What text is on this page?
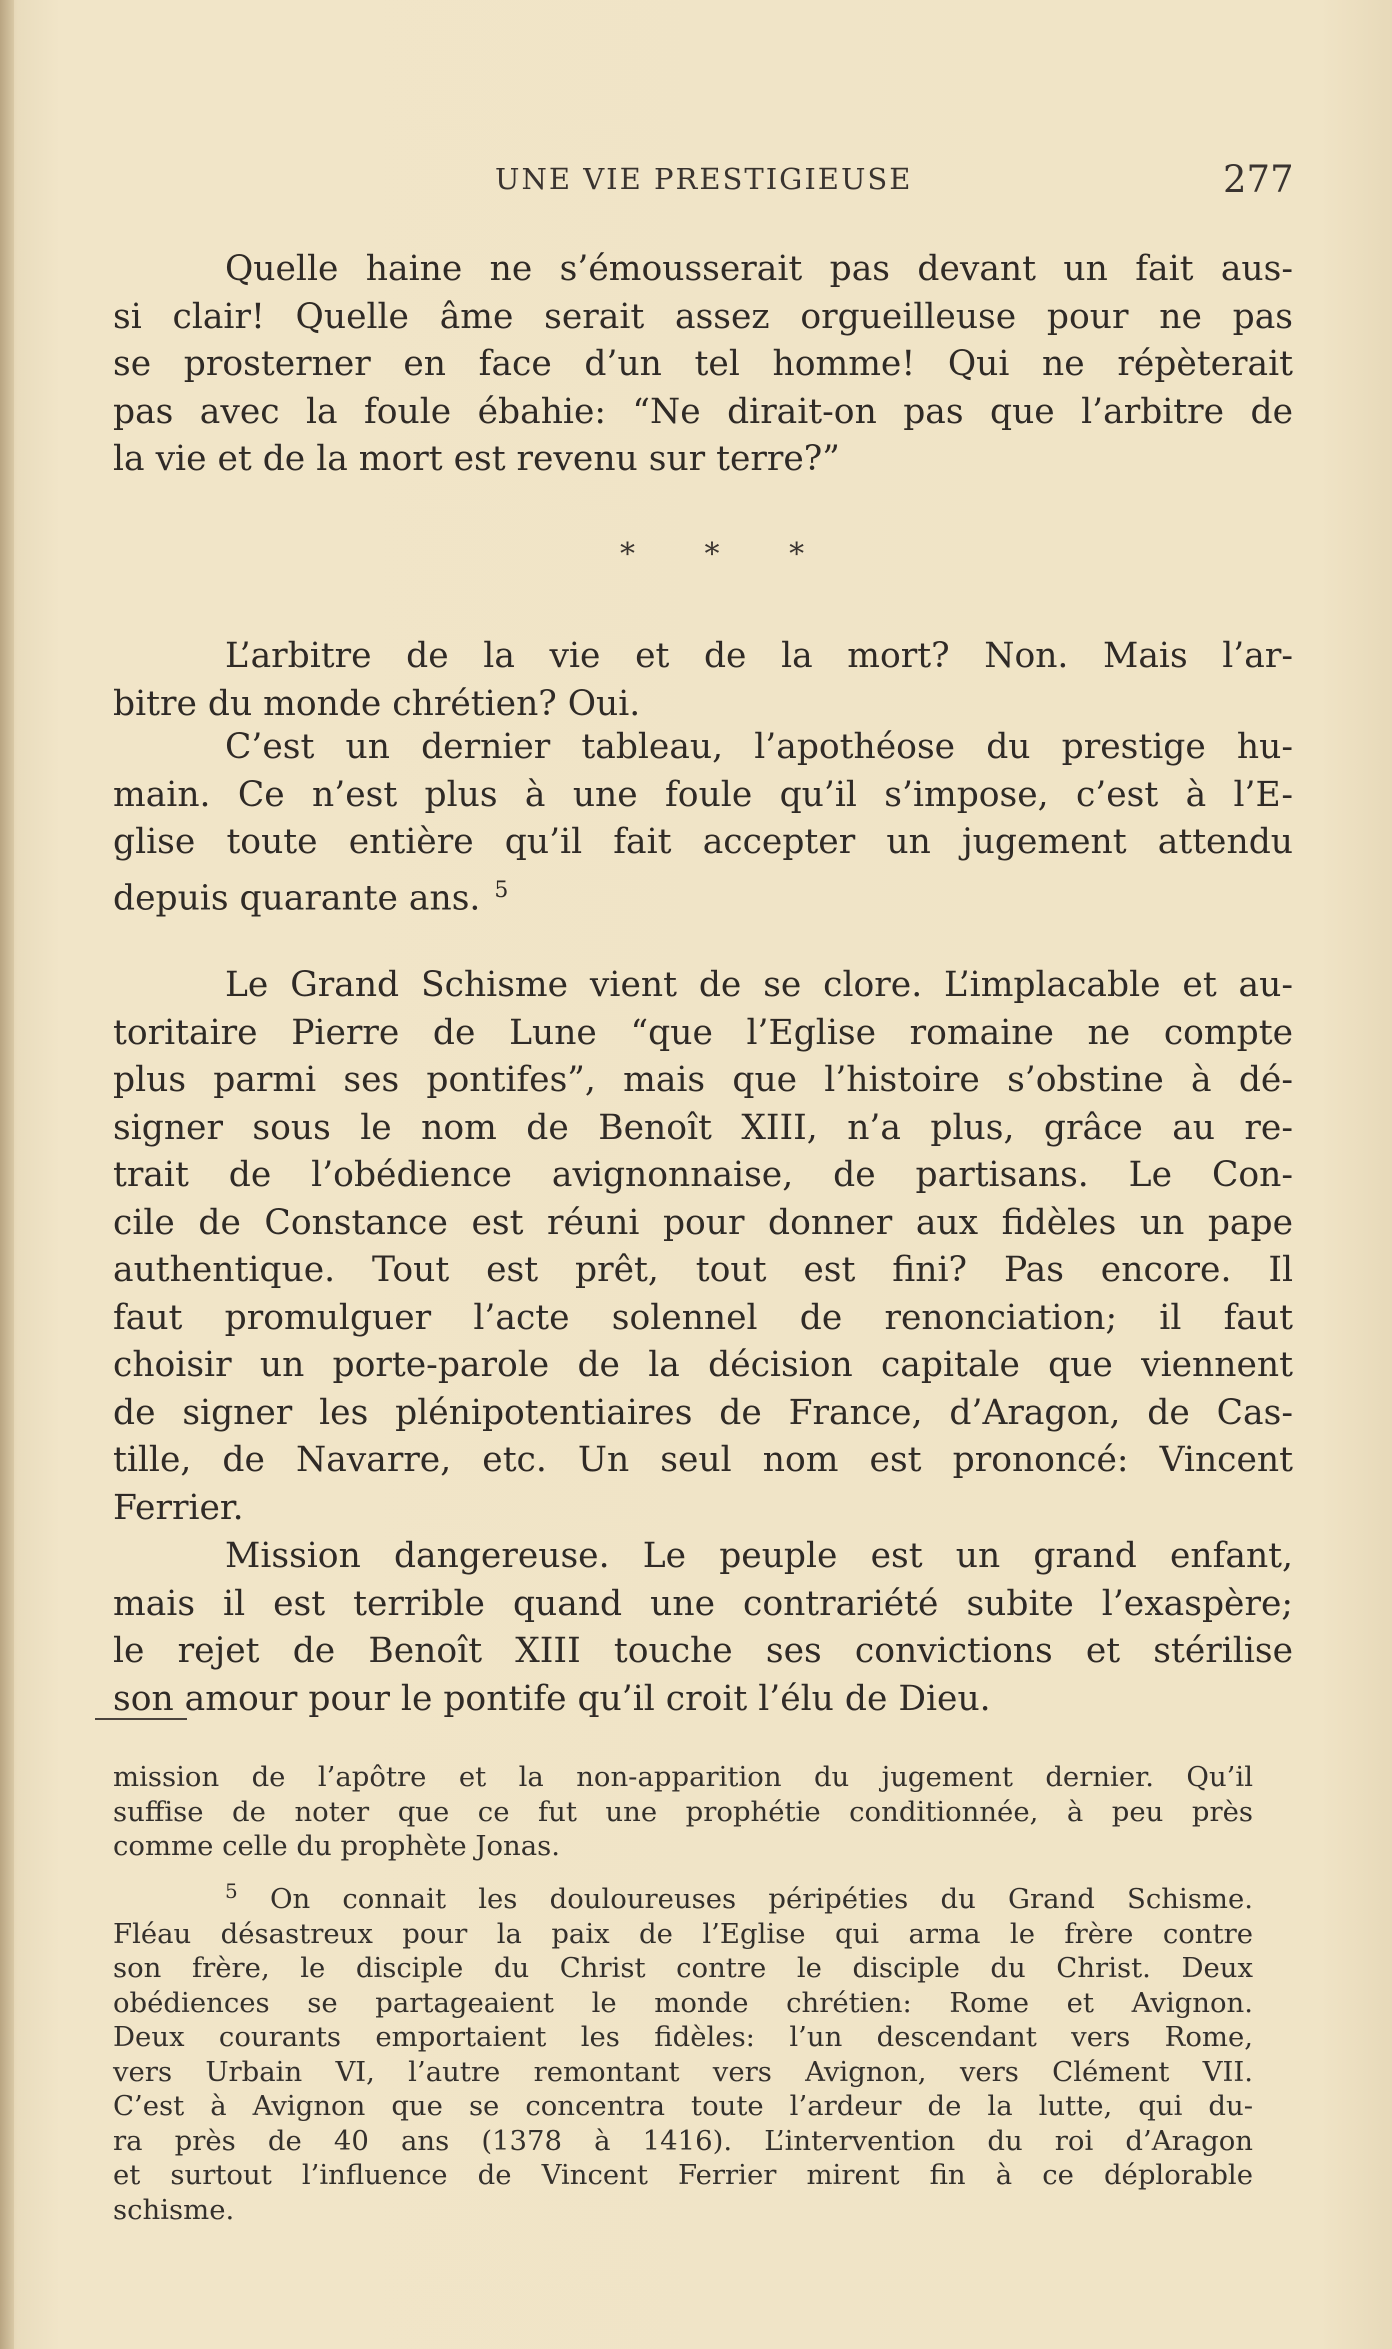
UNE VIE PRESTIGIEUSE	277
Quelle haine ne s’émousserait pas devant un fait aus-
si clair! Quelle âme serait assez orgueilleuse pour ne pas
se prosterner en face d’un tel homme! Qui ne répèterait
pas avec la foule ébahie: “Ne dirait-on pas que l’arbitre de
la vie et de la mort est revenu sur terre?”
* * *
L’arbitre de la vie et de la mort? Non. Mais l’ar-
bitre du monde chrétien? Oui.
C’est un dernier tableau, l’apothéose du prestige hu-
main. Ce n’est plus à une foule qu’il s’impose, c’est à l’E-
glise toute entière qu’il fait accepter un jugement attendu
depuis quarante ans. $^5$
Le Grand Schisme vient de se clore. L’implacable et au-
toritaire Pierre de Lune “que l’Eglise romaine ne compte
plus parmi ses pontifes”, mais que l’histoire s’obstine à dé-
signer sous le nom de Benoît XIII, n’a plus, grâce au re-
trait de l’obédience avignonnaise, de partisans. Le Con-
cile de Constance est réuni pour donner aux fidèles un pape
authentique. Tout est prêt, tout est fini? Pas encore. Il
faut promulguer l’acte solennel de renonciation; il faut
choisir un porte-parole de la décision capitale que viennent
de signer les plénipotentiaires de France, d’Aragon, de Cas-
tille, de Navarre, etc. Un seul nom est prononcé: Vincent
Ferrier.
Mission dangereuse. Le peuple est un grand enfant,
mais il est terrible quand une contrariété subite l’exaspère;
le rejet de Benoît XIII touche ses convictions et stérilise
son amour pour le pontife qu’il croit l’élu de Dieu.
mission de l’apôtre et la non-apparition du jugement dernier. Qu’il
suffise de noter que ce fut une prophétie conditionnée, à peu près
comme celle du prophète Jonas.
$^5$ On connait les douloureuses péripéties du Grand Schisme.
Fléau désastreux pour la paix de l’Eglise qui arma le frère contre
son frère, le disciple du Christ contre le disciple du Christ. Deux
obédiences se partageaient le monde chrétien: Rome et Avignon.
Deux courants emportaient les fidèles: l’un descendant vers Rome,
vers Urbain VI, l’autre remontant vers Avignon, vers Clément VII.
C’est à Avignon que se concentra toute l’ardeur de la lutte, qui du-
ra près de 40 ans (1378 à 1416). L’intervention du roi d’Aragon
et surtout l’influence de Vincent Ferrier mirent fin à ce déplorable
schisme.
